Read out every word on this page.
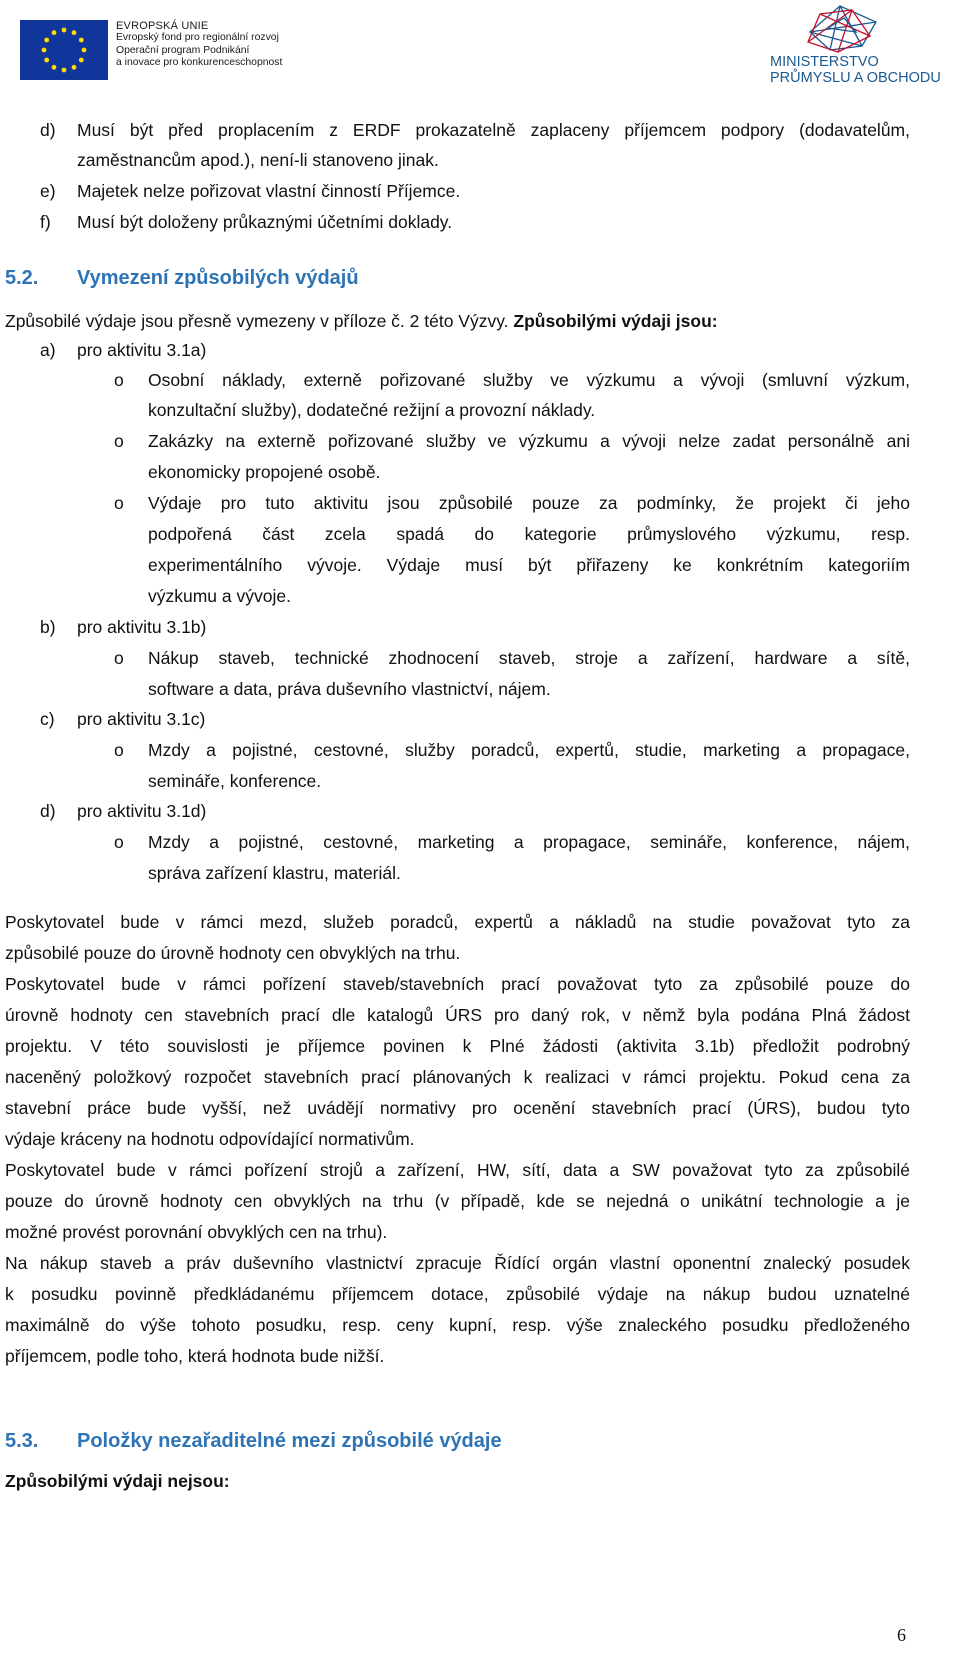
EVROPSKÁ UNIE
Evropský fond pro regionální rozvoj
Operační program Podnikání
a inovace pro konkurenceschopnost	MINISTERSTVO
PRŮMYSLU A OBCHODU
d) Musí být před proplacením z ERDF prokazatelně zaplaceny příjemcem podpory (dodavatelům,
zaměstnancům apod.), není-li stanoveno jinak.
e) Majetek nelze pořizovat vlastní činností Příjemce.
f) Musí být doloženy průkaznými účetními doklady.
5.2. Vymezení způsobilých výdajů
Způsobilé výdaje jsou přesně vymezeny v příloze č. 2 této Výzvy. Způsobilými výdaji jsou:
a) pro aktivitu 3.1a)
o Osobní náklady, externě pořizované služby ve výzkumu a vývoji (smluvní výzkum,
konzultační služby), dodatečné režijní a provozní náklady.
o Zakázky na externě pořizované služby ve výzkumu a vývoji nelze zadat personálně ani
ekonomicky propojené osobě.
o Výdaje pro tuto aktivitu jsou způsobilé pouze za podmínky, že projekt či jeho
podpořená část zcela spadá do kategorie průmyslového výzkumu, resp.
experimentálního vývoje. Výdaje musí být přiřazeny ke konkrétním kategoriím
výzkumu a vývoje.
b) pro aktivitu 3.1b)
o Nákup staveb, technické zhodnocení staveb, stroje a zařízení, hardware a sítě,
software a data, práva duševního vlastnictví, nájem.
c) pro aktivitu 3.1c)
o Mzdy a pojistné, cestovné, služby poradců, expertů, studie, marketing a propagace,
semináře, konference.
d) pro aktivitu 3.1d)
o Mzdy a pojistné, cestovné, marketing a propagace, semináře, konference, nájem,
správa zařízení klastru, materiál.
Poskytovatel bude v rámci mezd, služeb poradců, expertů a nákladů na studie považovat tyto za
způsobilé pouze do úrovně hodnoty cen obvyklých na trhu.
Poskytovatel bude v rámci pořízení staveb/stavebních prací považovat tyto za způsobilé pouze do
úrovně hodnoty cen stavebních prací dle katalogů ÚRS pro daný rok, v němž byla podána Plná žádost
projektu. V této souvislosti je příjemce povinen k Plné žádosti (aktivita 3.1b) předložit podrobný
naceněný položkový rozpočet stavebních prací plánovaných k realizaci v rámci projektu. Pokud cena za
stavební práce bude vyšší, než uvádějí normativy pro ocenění stavebních prací (ÚRS), budou tyto
výdaje kráceny na hodnotu odpovídající normativům.
Poskytovatel bude v rámci pořízení strojů a zařízení, HW, sítí, data a SW považovat tyto za způsobilé
pouze do úrovně hodnoty cen obvyklých na trhu (v případě, kde se nejedná o unikátní technologie a je
možné provést porovnání obvyklých cen na trhu).
Na nákup staveb a práv duševního vlastnictví zpracuje Řídící orgán vlastní oponentní znalecký posudek
k posudku povinně předkládanému příjemcem dotace, způsobilé výdaje na nákup budou uznatelné
maximálně do výše tohoto posudku, resp. ceny kupní, resp. výše znaleckého posudku předloženého
příjemcem, podle toho, která hodnota bude nižší.
5.3. Položky nezařaditelné mezi způsobilé výdaje
Způsobilými výdaji nejsou:
6
